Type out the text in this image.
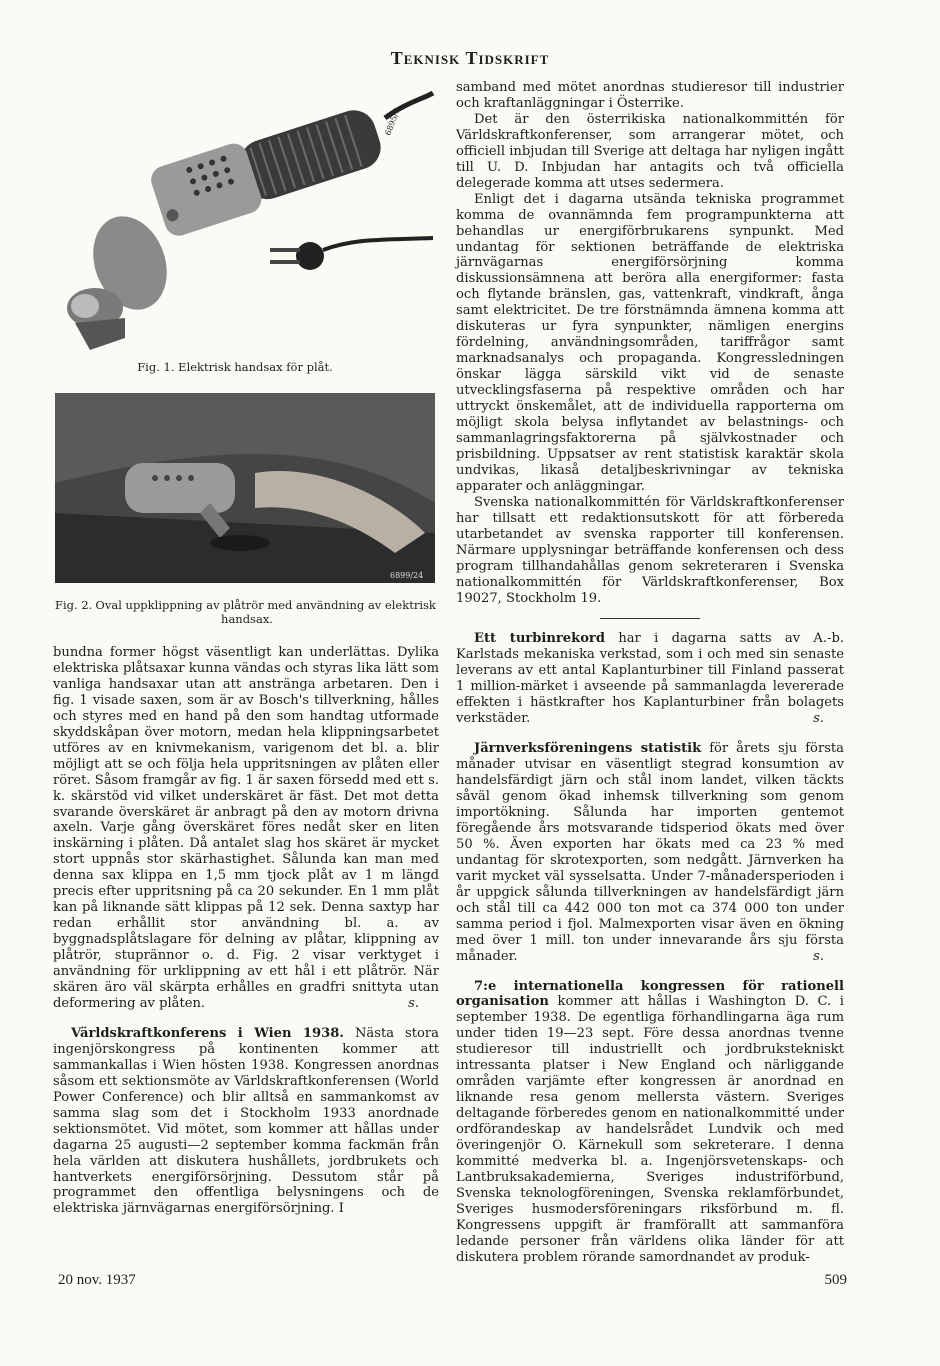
Teknisk Tidskrift
6895/7
Fig. 1. Elektrisk handsax för plåt.
6899/24
Fig. 2. Oval uppklippning av plåtrör med användning av elektrisk handsax.

bundna former högst väsentligt kan underlättas. Dylika elektriska plåtsaxar kunna vändas och styras lika lätt som vanliga handsaxar utan att anstränga arbetaren. Den i fig. 1 visade saxen, som är av Bosch's tillverkning, hålles och styres med en hand på den som handtag utformade skyddskåpan över motorn, medan hela klippningsarbetet utföres av en knivmekanism, varigenom det bl. a. blir möjligt att se och följa hela uppritsningen av plåten eller röret. Såsom framgår av fig. 1 är saxen försedd med ett s. k. skärstöd vid vilket underskäret är fäst. Det mot detta svarande överskäret är anbragt på den av motorn drivna axeln. Varje gång överskäret föres nedåt sker en liten inskärning i plåten. Då antalet slag hos skäret är mycket stort uppnås stor skärhastighet. Sålunda kan man med denna sax klippa en 1,5 mm tjock plåt av 1 m längd precis efter uppritsning på ca 20 sekunder. En 1 mm plåt kan på liknande sätt klippas på 12 sek. Denna saxtyp har redan erhållit stor användning bl. a. av byggnadsplåtslagare för delning av plåtar, klippning av plåtrör, stuprännor o. d. Fig. 2 visar verktyget i användning för urklippning av ett hål i ett plåtrör. När skären äro väl skärpta erhålles en gradfri snittyta utan deformering av plåten.	s.

Världskraftkonferens i Wien 1938. Nästa stora ingenjörskongress på kontinenten kommer att sammankallas i Wien hösten 1938. Kongressen anordnas såsom ett sektionsmöte av Världskraftkonferensen (World Power Conference) och blir alltså en sammankomst av samma slag som det i Stockholm 1933 anordnade sektionsmötet. Vid mötet, som kommer att hållas under dagarna 25 augusti—2 september komma fackmän från hela världen att diskutera hushållets, jordbrukets och hantverkets energiförsörjning. Dessutom står på programmet den offentliga belysningens och de elektriska järnvägarnas energiförsörjning. I

samband med mötet anordnas studieresor till industrier och kraftanläggningar i Österrike.

Det är den österrikiska nationalkommittén för Världskraftkonferenser, som arrangerar mötet, och officiell inbjudan till Sverige att deltaga har nyligen ingått till U. D. Inbjudan har antagits och två officiella delegerade komma att utses sedermera.

Enligt det i dagarna utsända tekniska programmet komma de ovannämnda fem programpunkterna att behandlas ur energiförbrukarens synpunkt. Med undantag för sektionen beträffande de elektriska järnvägarnas energiförsörjning komma diskussionsämnena att beröra alla energiformer: fasta och flytande bränslen, gas, vattenkraft, vindkraft, ånga samt elektricitet. De tre förstnämnda ämnena komma att diskuteras ur fyra synpunkter, nämligen energins fördelning, användningsområden, tariffrågor samt marknadsanalys och propaganda. Kongressledningen önskar lägga särskild vikt vid de senaste utvecklingsfaserna på respektive områden och har uttryckt önskemålet, att de individuella rapporterna om möjligt skola belysa inflytandet av belastnings- och sammanlagringsfaktorerna på självkostnader och prisbildning. Uppsatser av rent statistisk karaktär skola undvikas, likaså detaljbeskrivningar av tekniska apparater och anläggningar.

Svenska nationalkommittén för Världskraftkonferenser har tillsatt ett redaktionsutskott för att förbereda utarbetandet av svenska rapporter till konferensen. Närmare upplysningar beträffande konferensen och dess program tillhandahållas genom sekreteraren i Svenska nationalkommittén för Världskraftkonferenser, Box 19027, Stockholm 19.

Ett turbinrekord har i dagarna satts av A.-b. Karlstads mekaniska verkstad, som i och med sin senaste leverans av ett antal Kaplanturbiner till Finland passerat 1 million-märket i avseende på sammanlagda levererade effekten i hästkrafter hos Kaplanturbiner från bolagets verkstäder.	s.

Järnverksföreningens statistik för årets sju första månader utvisar en väsentligt stegrad konsumtion av handelsfärdigt järn och stål inom landet, vilken täckts såväl genom ökad inhemsk tillverkning som genom importökning. Sålunda har importen gentemot föregående års motsvarande tidsperiod ökats med över 50 %. Även exporten har ökats med ca 23 % med undantag för skrotexporten, som nedgått. Järnverken ha varit mycket väl sysselsatta. Under 7-månadersperioden i år uppgick sålunda tillverkningen av handelsfärdigt järn och stål till ca 442 000 ton mot ca 374 000 ton under samma period i fjol. Malmexporten visar även en ökning med över 1 mill. ton under innevarande års sju första månader.	s.

7:e internationella kongressen för rationell organisation kommer att hållas i Washington D. C. i september 1938. De egentliga förhandlingarna äga rum under tiden 19—23 sept. Före dessa anordnas tvenne studieresor till industriellt och jordbrukstekniskt intressanta platser i New England och närliggande områden varjämte efter kongressen är anordnad en liknande resa genom mellersta västern. Sveriges deltagande förberedes genom en nationalkommitté under ordförandeskap av handelsrådet Lundvik och med överingenjör O. Kärnekull som sekreterare. I denna kommitté medverka bl. a. Ingenjörsvetenskaps- och Lantbruksakademierna, Sveriges industriförbund, Svenska teknologföreningen, Svenska reklamförbundet, Sveriges husmodersföreningars riksförbund m. fl. Kongressens uppgift är framförallt att sammanföra ledande personer från världens olika länder för att diskutera problem rörande samordnandet av produk-

20 nov. 1937	509
